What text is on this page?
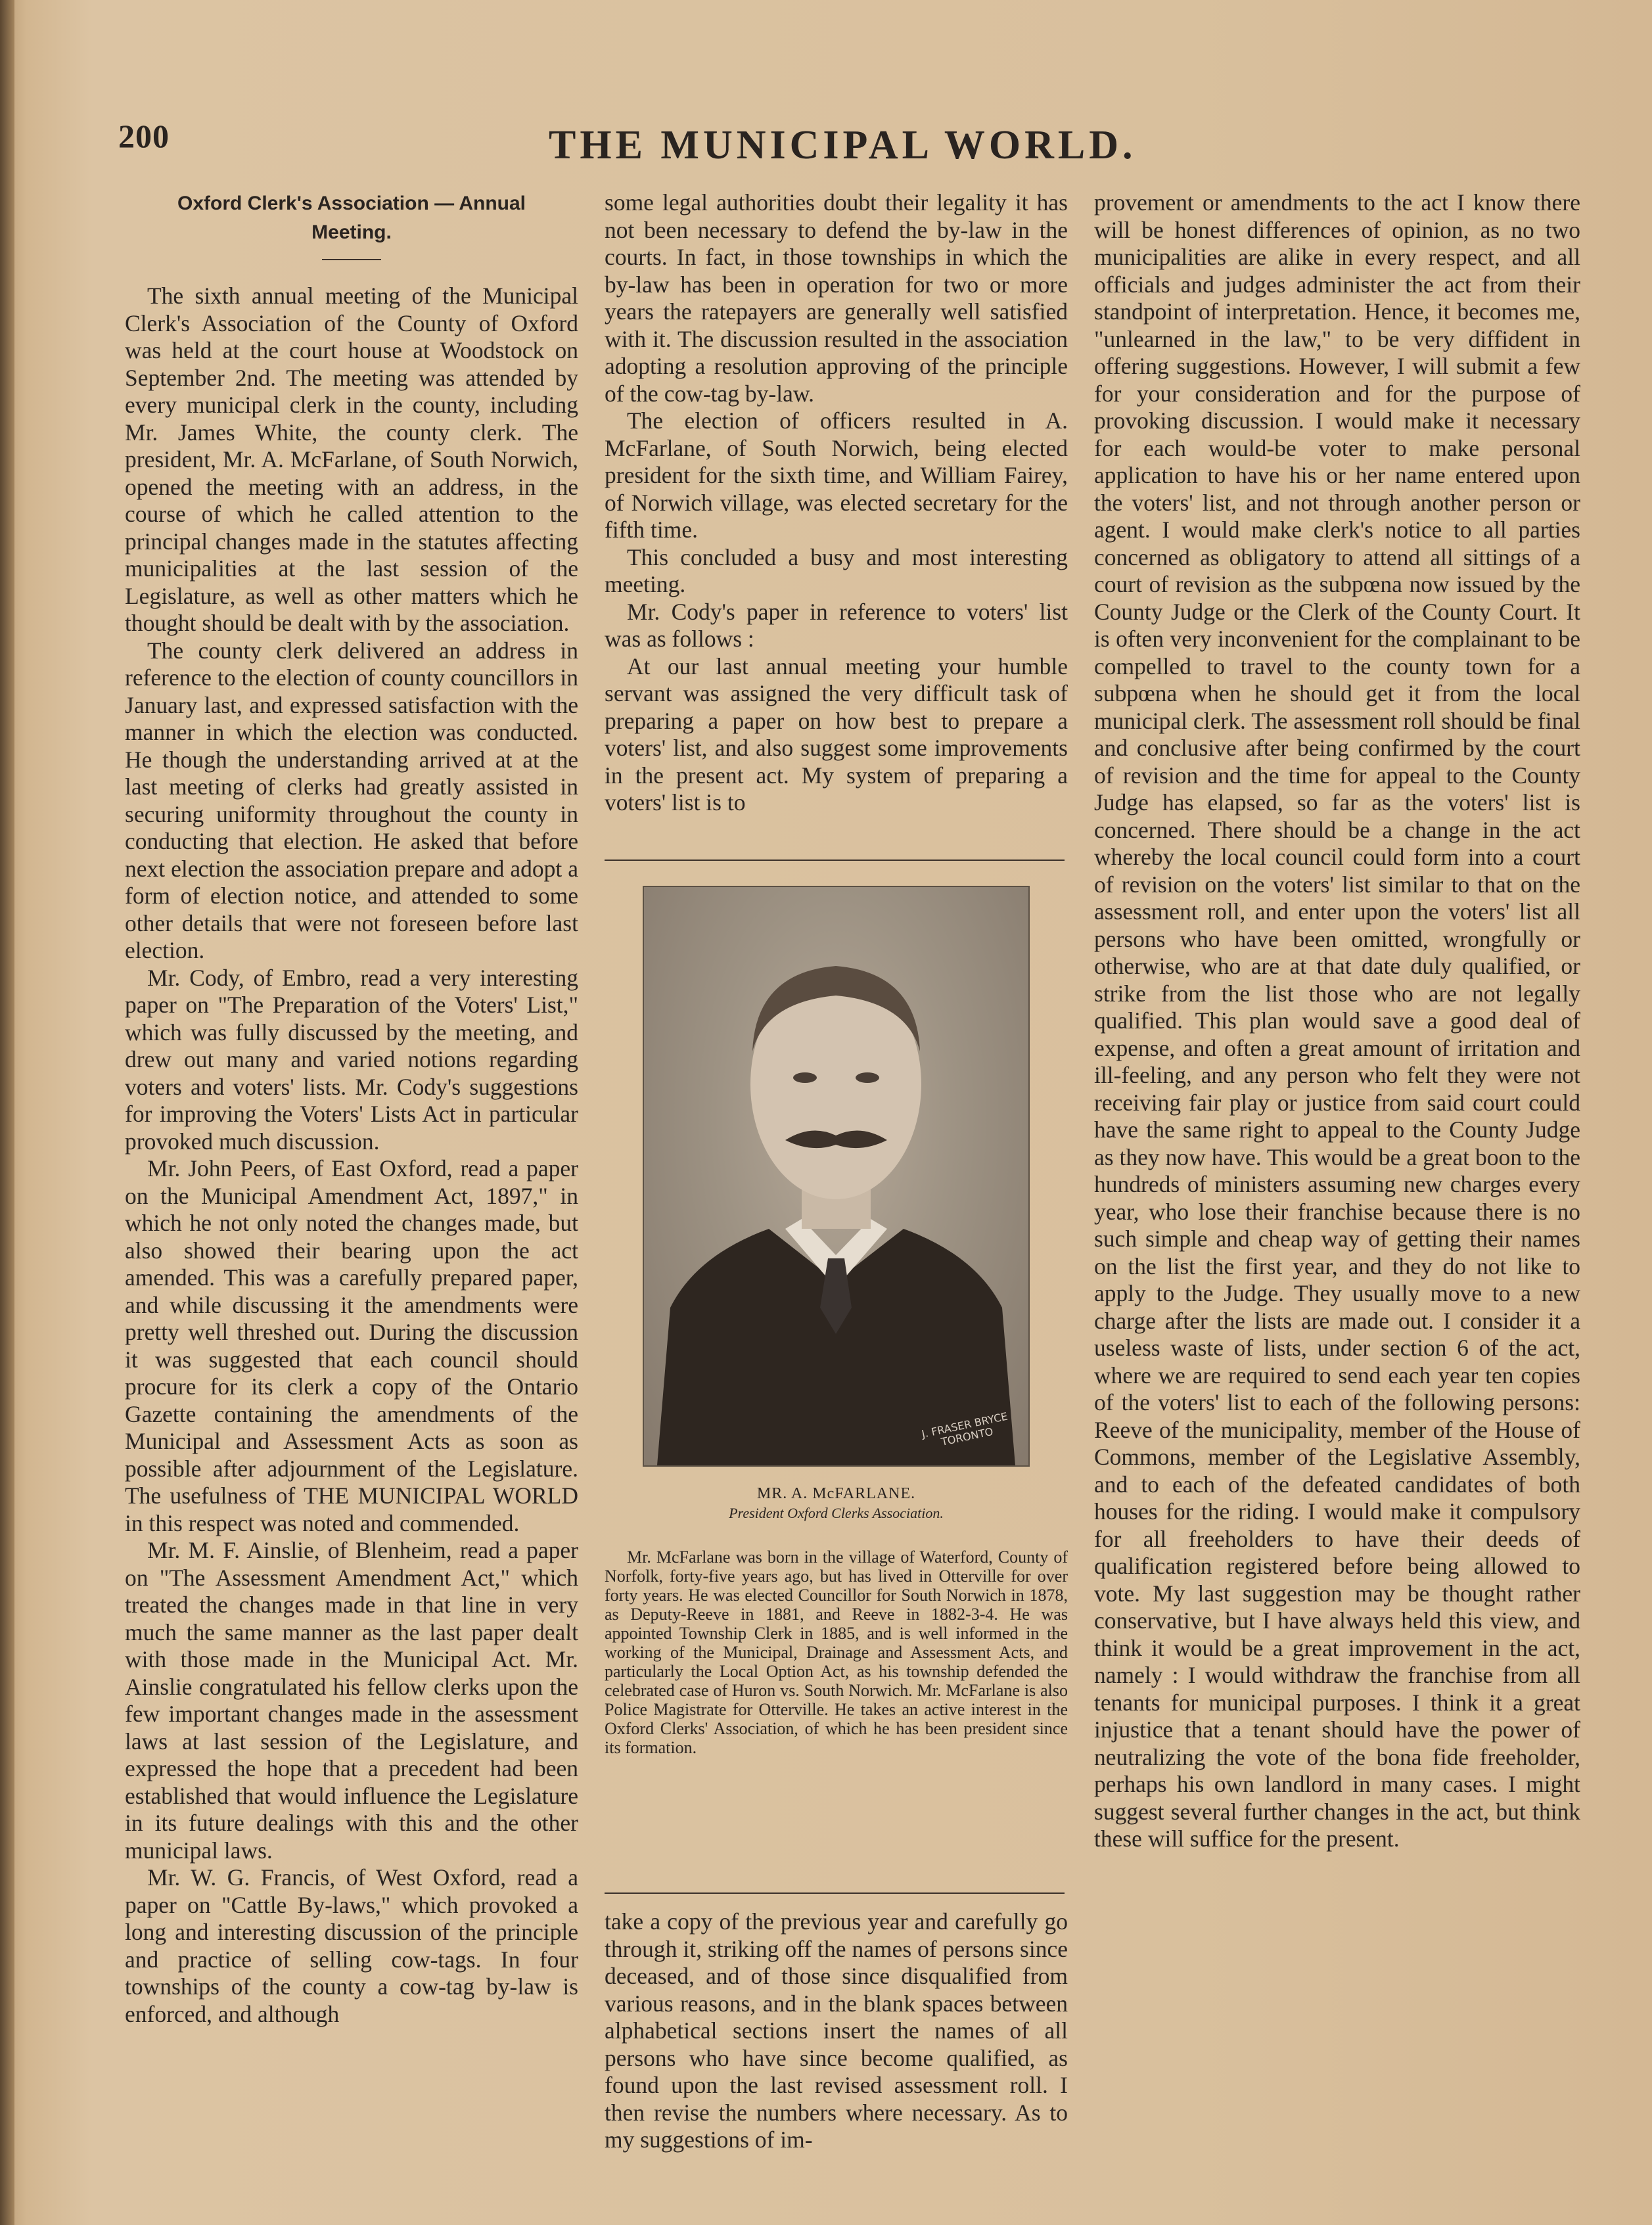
200	THE MUNICIPAL WORLD.
Oxford Clerk's Association — Annual
Meeting.

The sixth annual meeting of the Municipal Clerk's Association of the County of Oxford was held at the court house at Woodstock on September 2nd. The meeting was attended by every municipal clerk in the county, including Mr. James White, the county clerk. The president, Mr. A. McFarlane, of South Norwich, opened the meeting with an address, in the course of which he called attention to the principal changes made in the statutes affecting municipalities at the last session of the Legislature, as well as other matters which he thought should be dealt with by the association.

The county clerk delivered an address in reference to the election of county councillors in January last, and expressed satisfaction with the manner in which the election was conducted. He though the understanding arrived at at the last meeting of clerks had greatly assisted in securing uniformity throughout the county in conducting that election. He asked that before next election the association prepare and adopt a form of election notice, and attended to some other details that were not foreseen before last election.

Mr. Cody, of Embro, read a very interesting paper on "The Preparation of the Voters' List," which was fully discussed by the meeting, and drew out many and varied notions regarding voters and voters' lists. Mr. Cody's suggestions for improving the Voters' Lists Act in particular provoked much discussion.

Mr. John Peers, of East Oxford, read a paper on the Municipal Amendment Act, 1897," in which he not only noted the changes made, but also showed their bearing upon the act amended. This was a carefully prepared paper, and while discussing it the amendments were pretty well threshed out. During the discussion it was suggested that each council should procure for its clerk a copy of the Ontario Gazette containing the amendments of the Municipal and Assessment Acts as soon as possible after adjournment of the Legislature. The usefulness of THE MUNICIPAL WORLD in this respect was noted and commended.

Mr. M. F. Ainslie, of Blenheim, read a paper on "The Assessment Amendment Act," which treated the changes made in that line in very much the same manner as the last paper dealt with those made in the Municipal Act. Mr. Ainslie congratulated his fellow clerks upon the few important changes made in the assessment laws at last session of the Legislature, and expressed the hope that a precedent had been established that would influence the Legislature in its future dealings with this and the other municipal laws.

Mr. W. G. Francis, of West Oxford, read a paper on "Cattle By-laws," which provoked a long and interesting discussion of the principle and practice of selling cow-tags. In four townships of the county a cow-tag by-law is enforced, and although

some legal authorities doubt their legality it has not been necessary to defend the by-law in the courts. In fact, in those townships in which the by-law has been in operation for two or more years the ratepayers are generally well satisfied with it. The discussion resulted in the association adopting a resolution approving of the principle of the cow-tag by-law.

The election of officers resulted in A. McFarlane, of South Norwich, being elected president for the sixth time, and William Fairey, of Norwich village, was elected secretary for the fifth time.

This concluded a busy and most interesting meeting.

Mr. Cody's paper in reference to voters' list was as follows :

At our last annual meeting your humble servant was assigned the very difficult task of preparing a paper on how best to prepare a voters' list, and also suggest some improvements in the present act. My system of preparing a voters' list is to

J. FRASER BRYCE TORONTO
MR. A. McFARLANE.
President Oxford Clerks Association.

Mr. McFarlane was born in the village of Waterford, County of Norfolk, forty-five years ago, but has lived in Otterville for over forty years. He was elected Councillor for South Norwich in 1878, as Deputy-Reeve in 1881, and Reeve in 1882-3-4. He was appointed Township Clerk in 1885, and is well informed in the working of the Municipal, Drainage and Assessment Acts, and particularly the Local Option Act, as his township defended the celebrated case of Huron vs. South Norwich. Mr. McFarlane is also Police Magistrate for Otterville. He takes an active interest in the Oxford Clerks' Association, of which he has been president since its formation.

take a copy of the previous year and carefully go through it, striking off the names of persons since deceased, and of those since disqualified from various reasons, and in the blank spaces between alphabetical sections insert the names of all persons who have since become qualified, as found upon the last revised assessment roll. I then revise the numbers where necessary. As to my suggestions of im-

provement or amendments to the act I know there will be honest differences of opinion, as no two municipalities are alike in every respect, and all officials and judges administer the act from their standpoint of interpretation. Hence, it becomes me, "unlearned in the law," to be very diffident in offering suggestions. However, I will submit a few for your consideration and for the purpose of provoking discussion. I would make it necessary for each would-be voter to make personal application to have his or her name entered upon the voters' list, and not through another person or agent. I would make clerk's notice to all parties concerned as obligatory to attend all sittings of a court of revision as the subpœna now issued by the County Judge or the Clerk of the County Court. It is often very inconvenient for the complainant to be compelled to travel to the county town for a subpœna when he should get it from the local municipal clerk. The assessment roll should be final and conclusive after being confirmed by the court of revision and the time for appeal to the County Judge has elapsed, so far as the voters' list is concerned. There should be a change in the act whereby the local council could form into a court of revision on the voters' list similar to that on the assessment roll, and enter upon the voters' list all persons who have been omitted, wrongfully or otherwise, who are at that date duly qualified, or strike from the list those who are not legally qualified. This plan would save a good deal of expense, and often a great amount of irritation and ill-feeling, and any person who felt they were not receiving fair play or justice from said court could have the same right to appeal to the County Judge as they now have. This would be a great boon to the hundreds of ministers assuming new charges every year, who lose their franchise because there is no such simple and cheap way of getting their names on the list the first year, and they do not like to apply to the Judge. They usually move to a new charge after the lists are made out. I consider it a useless waste of lists, under section 6 of the act, where we are required to send each year ten copies of the voters' list to each of the following persons: Reeve of the municipality, member of the House of Commons, member of the Legislative Assembly, and to each of the defeated candidates of both houses for the riding. I would make it compulsory for all freeholders to have their deeds of qualification registered before being allowed to vote. My last suggestion may be thought rather conservative, but I have always held this view, and think it would be a great improvement in the act, namely : I would withdraw the franchise from all tenants for municipal purposes. I think it a great injustice that a tenant should have the power of neutralizing the vote of the bona fide freeholder, perhaps his own landlord in many cases. I might suggest several further changes in the act, but think these will suffice for the present.
